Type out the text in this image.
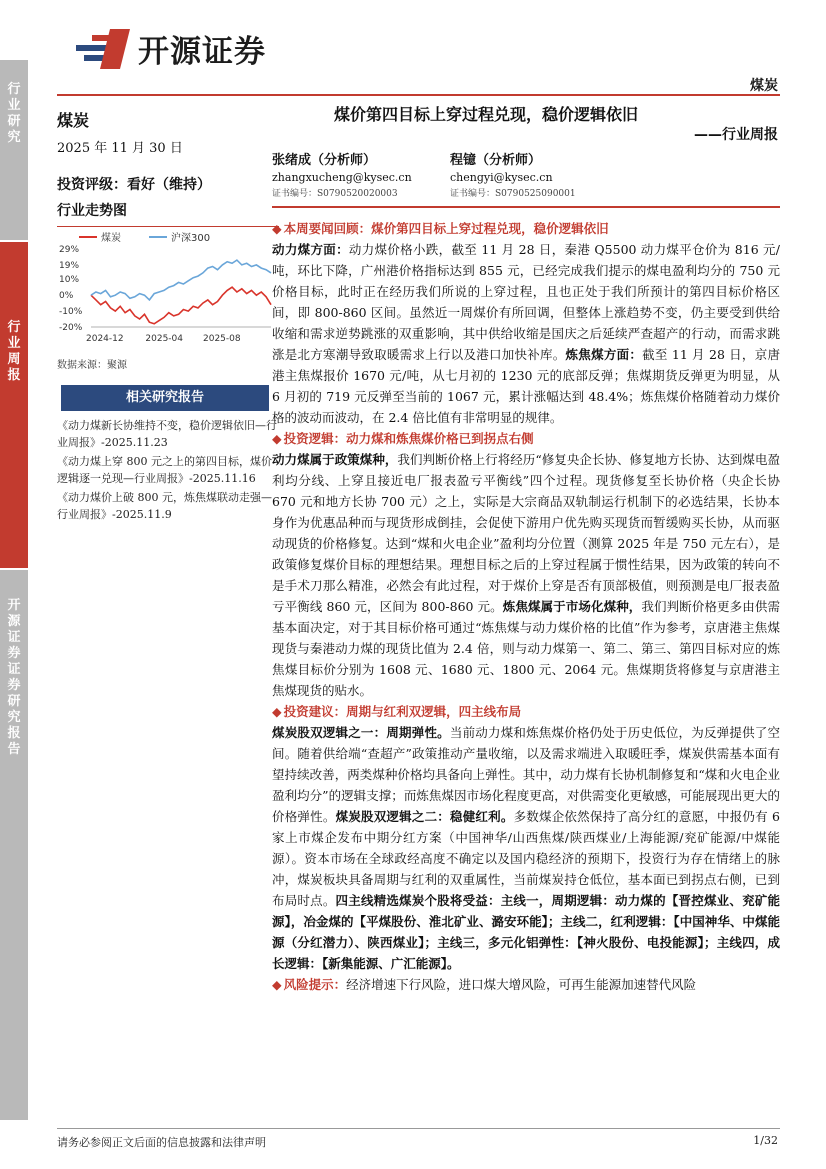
开源证券
煤炭
行
业
研
究
行
业
周
报
开
源
证
券
证
券
研
究
报
告
煤炭
2025 年 11 月 30 日
投资评级：看好（维持）
行业走势图
煤炭	沪深300
29%
19%
10%
0%
-10%
-20%
2024-12 2025-04 2025-08
数据来源：聚源
相关研究报告
《动力煤新长协维持不变，稳价逻辑依旧—行业周报》-2025.11.23
《动力煤上穿 800 元之上的第四目标，煤价逻辑逐一兑现—行业周报》-2025.11.16
《动力煤价上破 800 元，炼焦煤联动走强—行业周报》-2025.11.9
煤价第四目标上穿过程兑现，稳价逻辑依旧
——行业周报
张绪成（分析师）
zhangxucheng@kysec.cn
证书编号：S0790520020003
程镱（分析师）
chengyi@kysec.cn
证书编号：S0790525090001
◆ 本周要闻回顾：煤价第四目标上穿过程兑现，稳价逻辑依旧

动力煤方面：动力煤价格小跌，截至 11 月 28 日，秦港 Q5500 动力煤平仓价为 816 元/吨，环比下降，广州港价格指标达到 855 元，已经完成我们提示的煤电盈利均分的 750 元价格目标，此时正在经历我们所说的上穿过程，且也正处于我们所预计的第四目标价格区间，即 800-860 区间。虽然近一周煤价有所回调，但整体上涨趋势不变，仍主要受到供给收缩和需求逆势跳涨的双重影响，其中供给收缩是国庆之后延续严查超产的行动，而需求跳涨是北方寒潮导致取暖需求上行以及港口加快补库。炼焦煤方面：截至 11 月 28 日，京唐港主焦煤报价 1670 元/吨，从七月初的 1230 元的底部反弹；焦煤期货反弹更为明显，从 6 月初的 719 元反弹至当前的 1067 元，累计涨幅达到 48.4%；炼焦煤价格随着动力煤价格的波动而波动，在 2.4 倍比值有非常明显的规律。

◆ 投资逻辑：动力煤和炼焦煤价格已到拐点右侧

动力煤属于政策煤种，我们判断价格上行将经历“修复央企长协、修复地方长协、达到煤电盈利均分线、上穿且接近电厂报表盈亏平衡线”四个过程。现货修复至长协价格（央企长协 670 元和地方长协 700 元）之上，实际是大宗商品双轨制运行机制下的必选结果，长协本身作为优惠品种而与现货形成倒挂，会促使下游用户优先购买现货而暂缓购买长协，从而驱动现货的价格修复。达到“煤和火电企业”盈利均分位置（测算 2025 年是 750 元左右），是政策修复煤价目标的理想结果。理想目标之后的上穿过程属于惯性结果，因为政策的转向不是手术刀那么精准，必然会有此过程，对于煤价上穿是否有顶部极值，则预测是电厂报表盈亏平衡线 860 元，区间为 800-860 元。炼焦煤属于市场化煤种，我们判断价格更多由供需基本面决定，对于其目标价格可通过“炼焦煤与动力煤价格的比值”作为参考，京唐港主焦煤现货与秦港动力煤的现货比值为 2.4 倍，则与动力煤第一、第二、第三、第四目标对应的炼焦煤目标价分别为 1608 元、1680 元、1800 元、2064 元。焦煤期货将修复与京唐港主焦煤现货的贴水。

◆ 投资建议：周期与红利双逻辑，四主线布局

煤炭股双逻辑之一：周期弹性。当前动力煤和炼焦煤价格仍处于历史低位，为反弹提供了空间。随着供给端“查超产”政策推动产量收缩，以及需求端进入取暖旺季，煤炭供需基本面有望持续改善，两类煤种价格均具备向上弹性。其中，动力煤有长协机制修复和“煤和火电企业盈利均分”的逻辑支撑；而炼焦煤因市场化程度更高，对供需变化更敏感，可能展现出更大的价格弹性。煤炭股双逻辑之二：稳健红利。多数煤企依然保持了高分红的意愿，中报仍有 6 家上市煤企发布中期分红方案（中国神华/山西焦煤/陕西煤业/上海能源/兖矿能源/中煤能源）。资本市场在全球政经高度不确定以及国内稳经济的预期下，投资行为存在情绪上的脉冲，煤炭板块具备周期与红利的双重属性，当前煤炭持仓低位，基本面已到拐点右侧，已到布局时点。四主线精选煤炭个股将受益：主线一，周期逻辑：动力煤的【晋控煤业、兖矿能源】，冶金煤的【平煤股份、淮北矿业、潞安环能】；主线二，红利逻辑：【中国神华、中煤能源（分红潜力）、陕西煤业】；主线三，多元化铝弹性：【神火股份、电投能源】；主线四，成长逻辑：【新集能源、广汇能源】。

◆ 风险提示：经济增速下行风险，进口煤大增风险，可再生能源加速替代风险
请务必参阅正文后面的信息披露和法律声明	1/32
